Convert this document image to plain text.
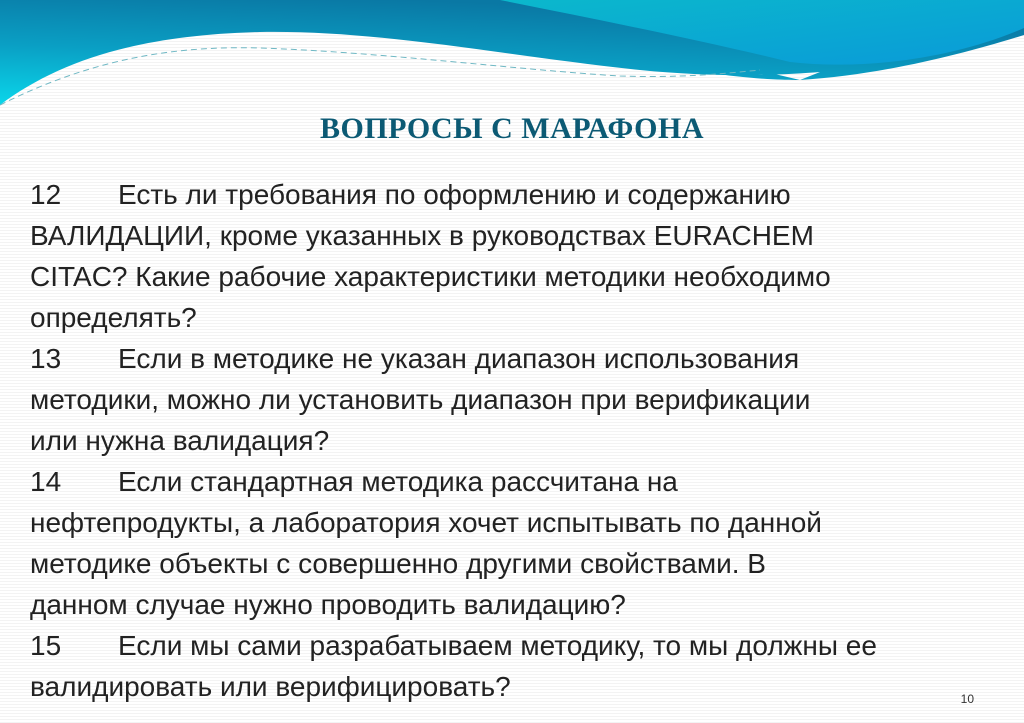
ВОПРОСЫ С МАРАФОНА
12 Есть ли требования по оформлению и содержанию
ВАЛИДАЦИИ, кроме указанных в руководствах EURACHEM
CITAC? Какие рабочие характеристики методики необходимо
определять?
13 Если в методике не указан диапазон использования
методики, можно ли установить диапазон при верификации
или нужна валидация?
14 Если стандартная методика рассчитана на
нефтепродукты, а лаборатория хочет испытывать по данной
методике объекты с совершенно другими свойствами. В
данном случае нужно проводить валидацию?
15 Если мы сами разрабатываем методику, то мы должны ее
валидировать или верифицировать?	10
